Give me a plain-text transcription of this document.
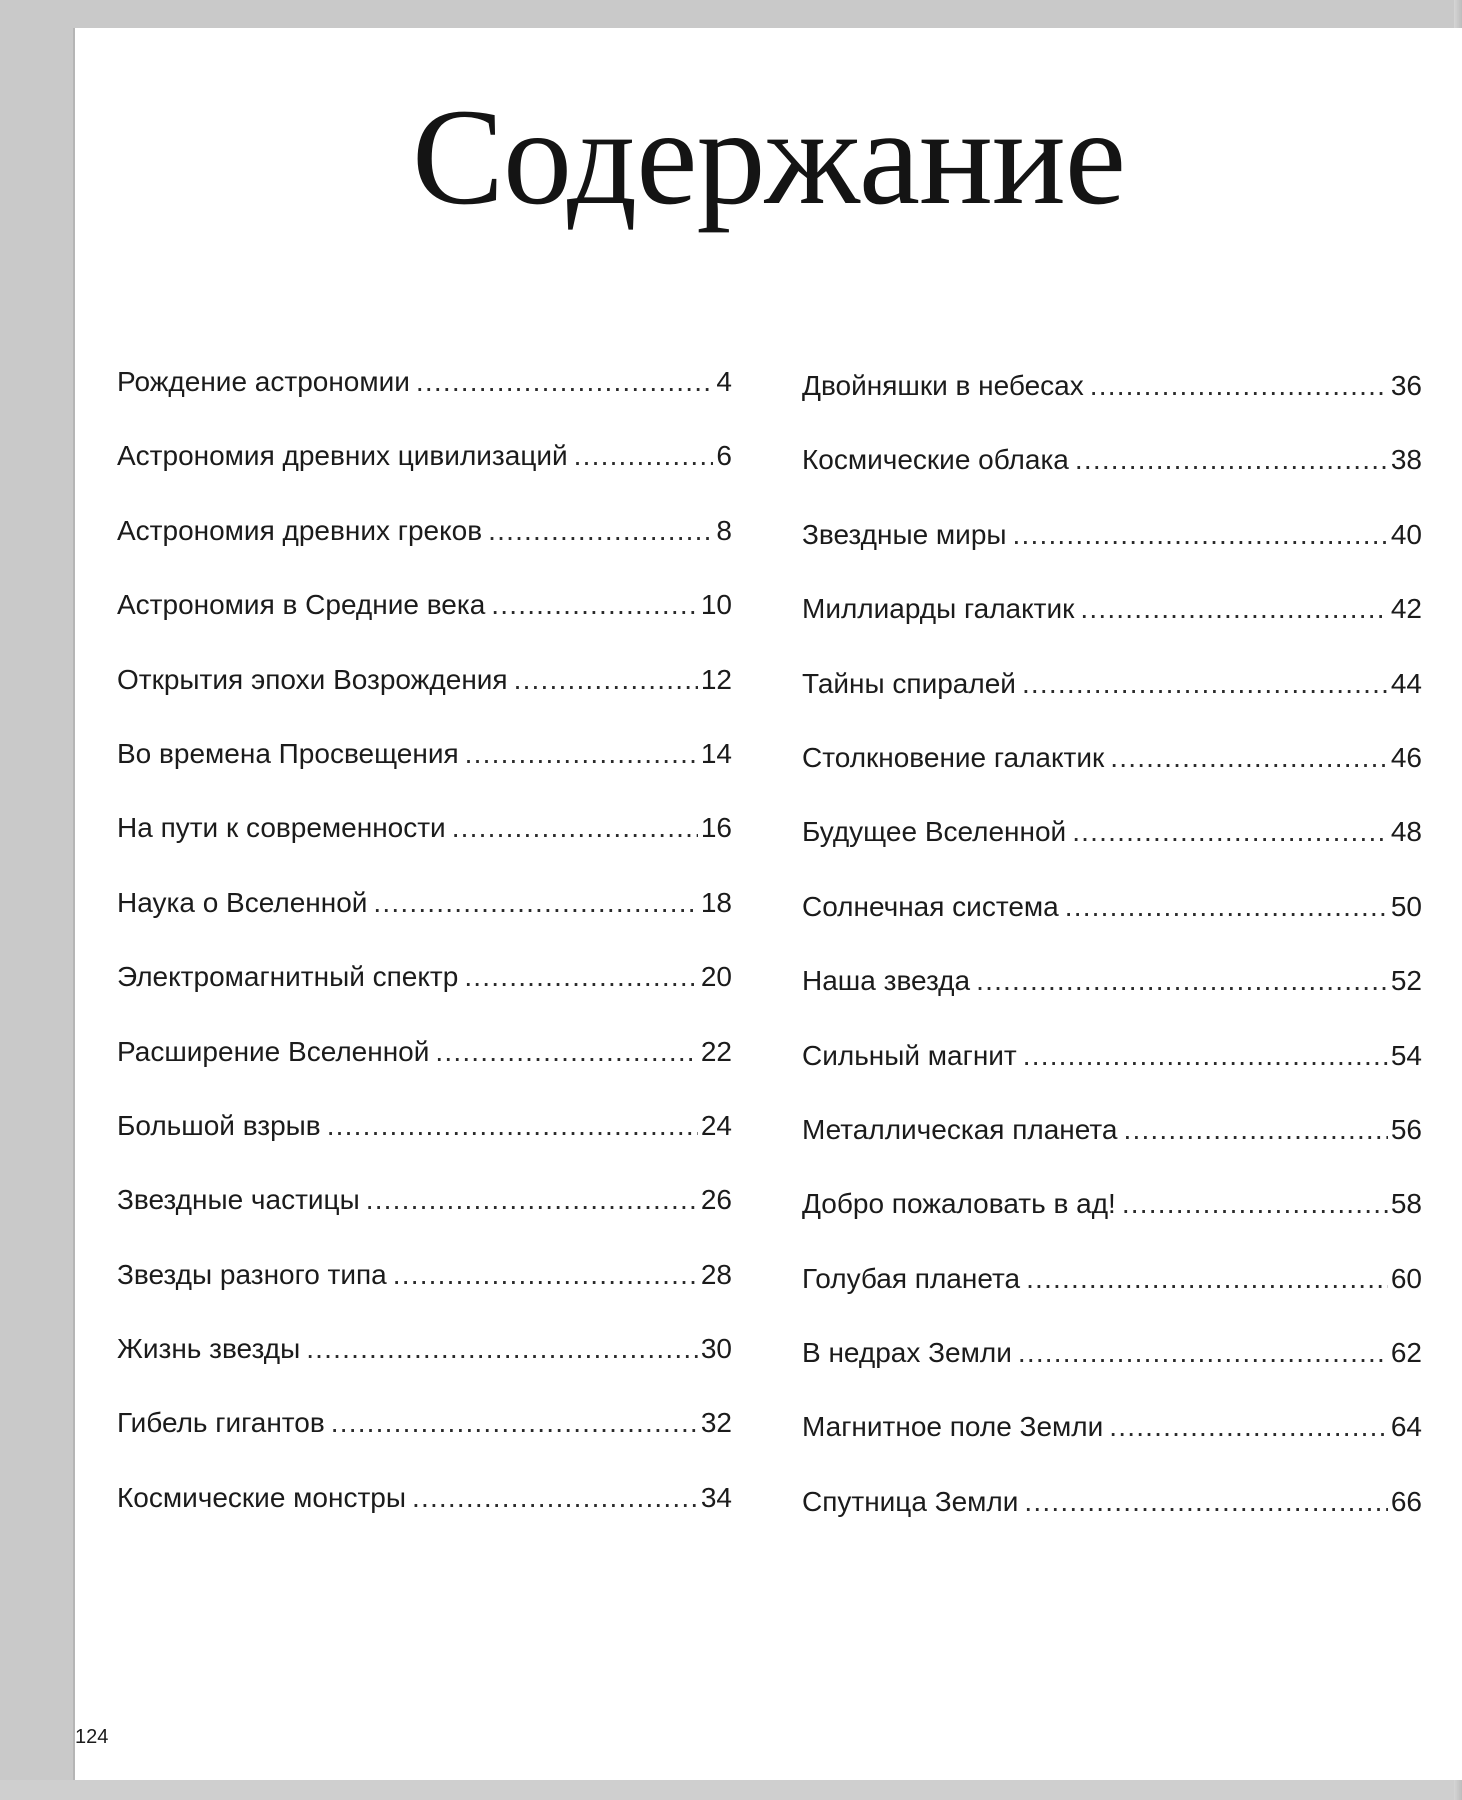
Содержание
Рождение астрономии .....	4
Астрономия древних цивилизаций .....	6
Астрономия древних греков .....	8
Астрономия в Средние века .....	10
Открытия эпохи Возрождения .....	12
Во времена Просвещения .....	14
На пути к современности .....	16
Наука о Вселенной .....	18
Электромагнитный спектр .....	20
Расширение Вселенной .....	22
Большой взрыв .....	24
Звездные частицы .....	26
Звезды разного типа .....	28
Жизнь звезды .....	30
Гибель гигантов .....	32
Космические монстры .....	34
Двойняшки в небесах .....	36
Космические облака .....	38
Звездные миры .....	40
Миллиарды галактик .....	42
Тайны спиралей .....	44
Столкновение галактик .....	46
Будущее Вселенной .....	48
Солнечная система .....	50
Наша звезда .....	52
Сильный магнит .....	54
Металлическая планета .....	56
Добро пожаловать в ад! .....	58
Голубая планета .....	60
В недрах Земли .....	62
Магнитное поле Земли .....	64
Спутница Земли .....	66
124
